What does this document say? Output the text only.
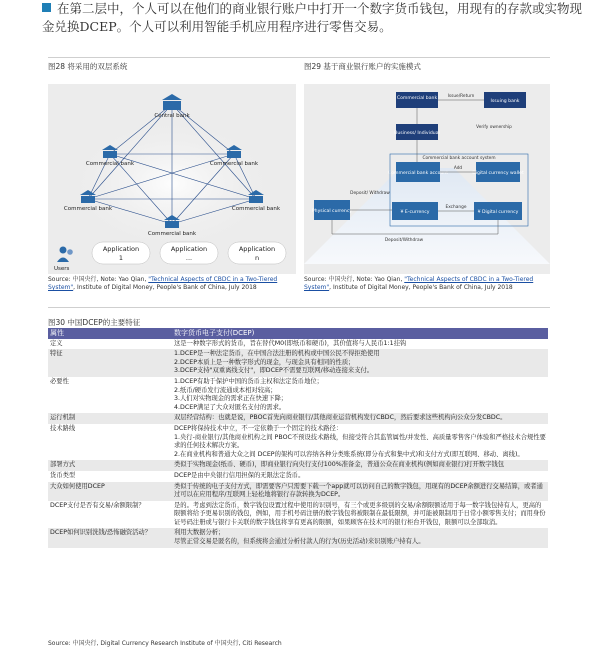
在第二层中，个人可以在他们的商业银行账户中打开一个数字货币钱包，用现有的存款或实物现金兑换DCEP。个人可以利用智能手机应用程序进行零售交易。
图28 将采用的双层系统
Central bank
Commercial bank	Commercial bank
Commercial bank	Commercial bank
Commercial bank
Users
Application
1
Application
...
Application
n
Source: 中国央行, Note: Yao Qian, "Technical Aspects of CBDC in a Two-Tiered System", Institute of Digital Money, People's Bank of China, July 2018
图29 基于商业银行账户的实施模式
Commercial bank
Issuing bank
Business/ Individual
Commercial bank account	Digital currency wallet
Physical currency	¥ E-currency	¥ Digital currency
Issue/Return
Verify ownership
Commercial bank account system
Add
Deposit/ Withdraw
Exchange
Deposit/Withdraw
Source: 中国央行, Note: Yao Qian, "Technical Aspects of CBDC in a Two-Tiered System", Institute of Digital Money, People's Bank of China, July 2018
图30 中国DCEP的主要特征
属性	数字货币电子支付(DCEP)
定义	这是一种数字形式的货币，旨在替代M0(即纸币和硬币)，其价值将与人民币1:1挂钩

特征	1.DCEP是一种法定货币，在中国合法注册的机构或中国公民不得拒绝使用
2.DCEP本质上是一种数字形式的现金，与现金具有相同的性质；
3.DCEP支持"双重离线支付"，即DCEP不需要互联网/移动连接来支付。

必要性	1.DCEP有助于保护中国的货币主权和法定货币地位；
2.纸币/硬币发行流通成本相对较高；
3.人们对实物现金的需求正在快速下降；
4.DCEP满足了大众对匿名支付的需求。

运行机制	双层经营结构：也就是说，PBOC首先向商业银行/其他商业运营机构发行CBDC，然后要求这些机构向公众分发CBDC。

技术路线	DCEP将保持技术中立，不一定依赖于一个固定的技术路径：
1.央行-商业银行/其他商业机构之间 PBOC不预设技术路线，但接受符合其监管属性/并发性、高质量零售客户体验和严格技术合规性要求的任何技术解决方案。
2.在商业机构和普通大众之间 DCEP的架构可以容纳各种分类账系统(即分布式和集中式)和支付方式(即互联网、移动、离线)。

部署方式	类似于实物现金(纸币、硬币)，即商业银行向央行支付100%准备金，普通公众在商业机构(例如商业银行)打开数字钱包

货币类型	DCEP是由中央银行信用担保的无限法定货币。

大众如何使用DCEP	类似于传统的电子支付方式，即需要客户只需要下载一个app就可以访问自己的数字钱包，用现有的DCEP余额进行交易结算，或者通过可以在应用程序/互联网上轻松地将银行存款转换为DCEP。

DCEP支付是否有交易/余额限制？	是的。考虑到法定货币，数字钱包设置过程中使用的识别号，有三个或更多级别的交易/余额限额适用于每一数字钱包持有人，更高的限额将给予更易识别的钱包，例如，用手机号码注册的数字钱包将被限制在最低限额，并可能被限制用于日常小额零售支付；而用身份证号码注册或与银行卡关联的数字钱包将享有更高的限额，如果顾客在技术可的银行柜台开钱包，限额可以全部取消。

DCEP如何识别洗钱/恐怖融资活动？	利用大数据分析；
尽管正常交易是匿名的，但系统将会通过分析付款人的行为(历史活动)来识别账户持有人。
Source: 中国央行, Digital Currency Research Institute of 中国央行, Citi Research
